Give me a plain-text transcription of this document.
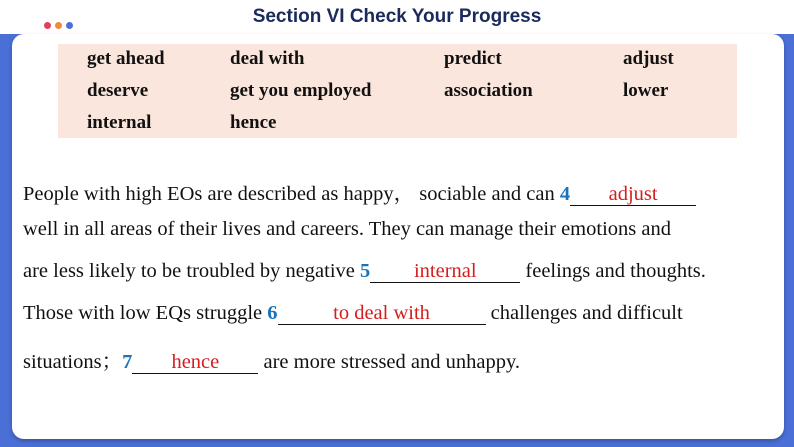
Section VI Check Your Progress
get ahead	deal with	predict	adjust
deserve	get you employed	association	lower
internal	hence
People with high EOs are described as happy， sociable and can 4 adjust
well in all areas of their lives and careers. They can manage their emotions and
are less likely to be troubled by negative 5 internal feelings and thoughts.
Those with low EQs struggle 6	to deal with	challenges and difficult
situations；7 hence are more stressed and unhappy.
